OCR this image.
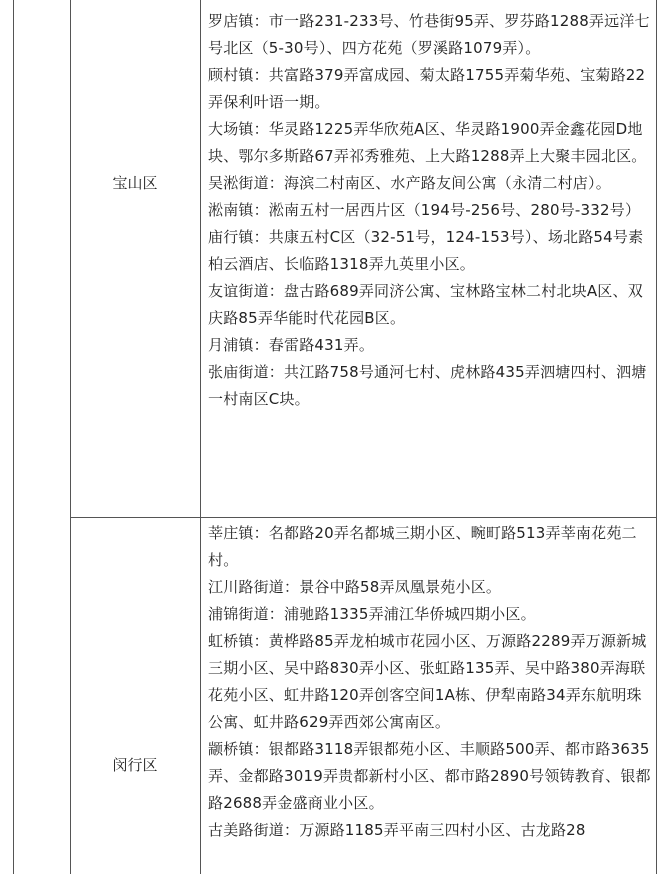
宝山区

罗店镇：市一路231-233号、竹巷街95弄、罗芬路1288弄远洋七号北区（5-30号）、四方花苑（罗溪路1079弄）。

顾村镇：共富路379弄富成园、菊太路1755弄菊华苑、宝菊路22弄保利叶语一期。

大场镇：华灵路1225弄华欣苑A区、华灵路1900弄金鑫花园D地块、鄂尔多斯路67弄祁秀雅苑、上大路1288弄上大聚丰园北区。

吴淞街道：海滨二村南区、水产路友间公寓（永清二村店）。

淞南镇：淞南五村一居西片区（194号-256号、280号-332号）

庙行镇：共康五村C区（32-51号，124-153号）、场北路54号素柏云酒店、长临路1318弄九英里小区。

友谊街道：盘古路689弄同济公寓、宝林路宝林二村北块A区、双庆路85弄华能时代花园B区。

月浦镇：春雷路431弄。

张庙街道：共江路758号通河七村、虎林路435弄泗塘四村、泗塘一村南区C块。

闵行区

莘庄镇：名都路20弄名都城三期小区、畹町路513弄莘南花苑二村。

江川路街道：景谷中路58弄凤凰景苑小区。

浦锦街道：浦驰路1335弄浦江华侨城四期小区。

虹桥镇：黄桦路85弄龙柏城市花园小区、万源路2289弄万源新城三期小区、吴中路830弄小区、张虹路135弄、吴中路380弄海联花苑小区、虹井路120弄创客空间1A栋、伊犁南路34弄东航明珠公寓、虹井路629弄西郊公寓南区。

颛桥镇：银都路3118弄银都苑小区、丰顺路500弄、都市路3635弄、金都路3019弄贵都新村小区、都市路2890号领铸教育、银都路2688弄金盛商业小区。

古美路街道：万源路1185弄平南三四村小区、古龙路28
